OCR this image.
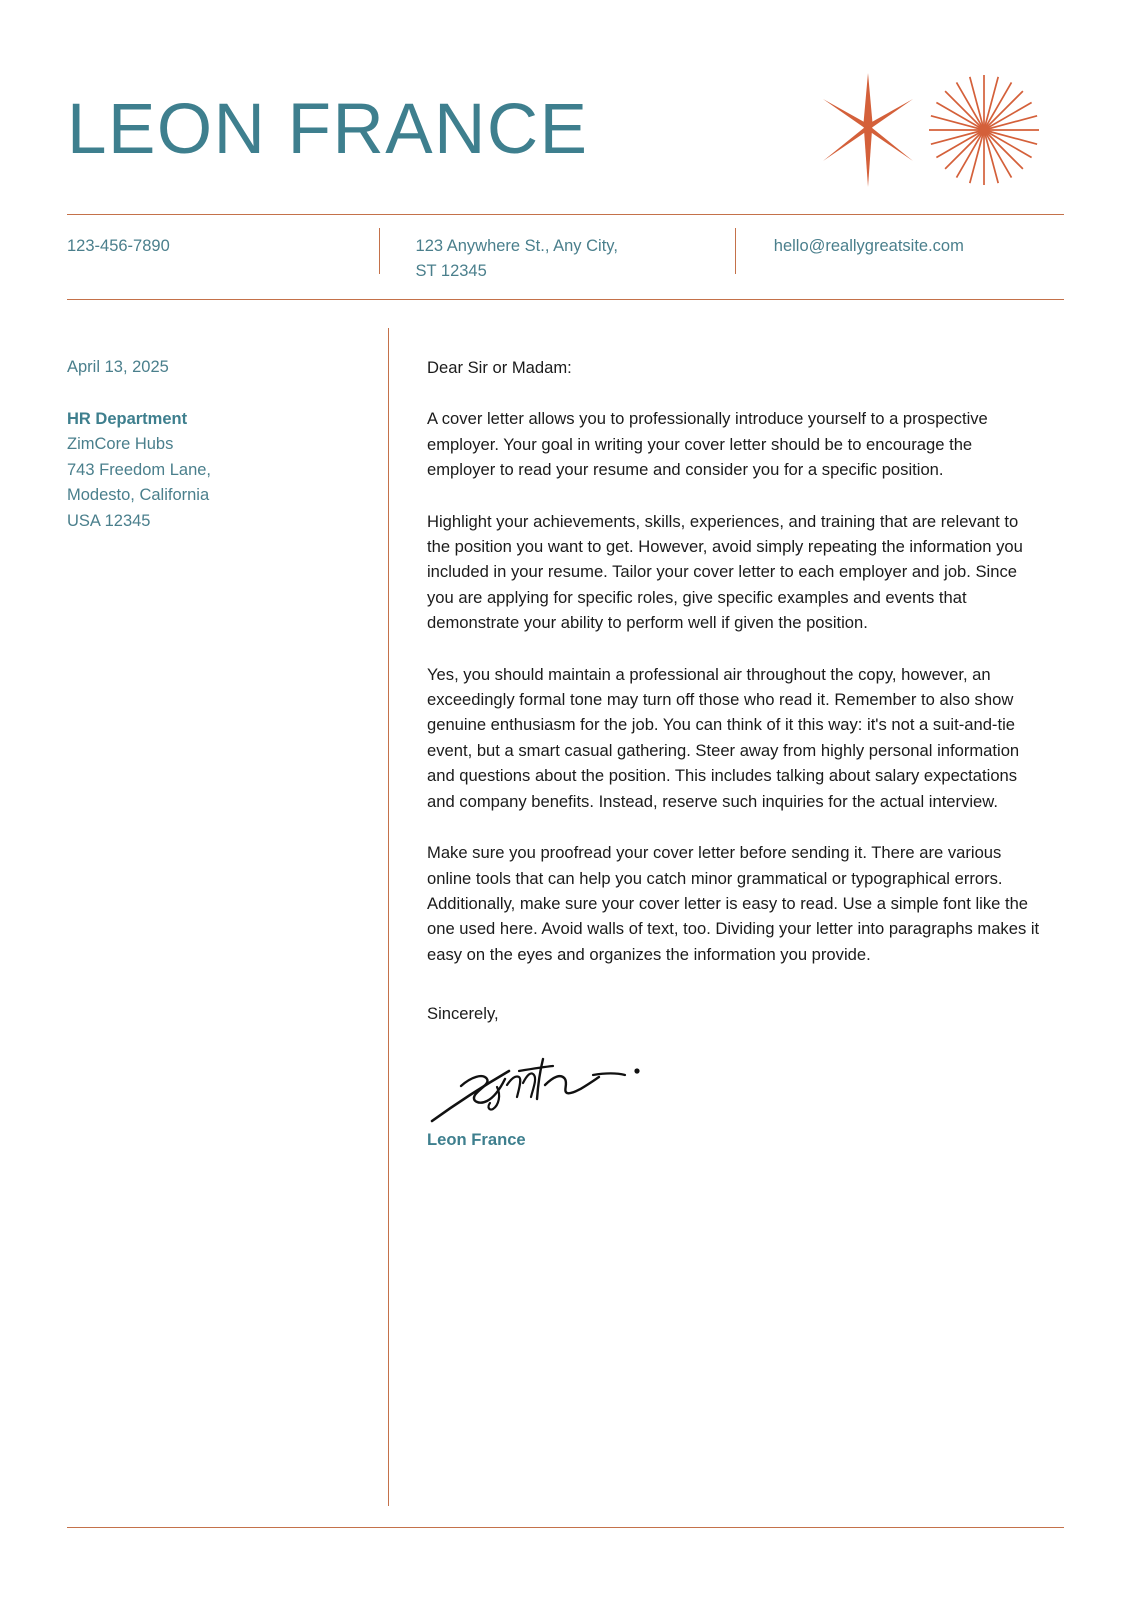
LEON FRANCE
123-456-7890	123 Anywhere St., Any City,
ST 12345
hello@reallygreatsite.com
April 13, 2025
HR Department
ZimCore Hubs
743 Freedom Lane,
Modesto, California
USA 12345
Dear Sir or Madam:

A cover letter allows you to professionally introduce yourself to a prospective employer. Your goal in writing your cover letter should be to encourage the employer to read your resume and consider you for a specific position.

Highlight your achievements, skills, experiences, and training that are relevant to the position you want to get. However, avoid simply repeating the information you included in your resume. Tailor your cover letter to each employer and job. Since you are applying for specific roles, give specific examples and events that demonstrate your ability to perform well if given the position.

Yes, you should maintain a professional air throughout the copy, however, an exceedingly formal tone may turn off those who read it. Remember to also show genuine enthusiasm for the job. You can think of it this way: it's not a suit-and-tie event, but a smart casual gathering. Steer away from highly personal information and questions about the position. This includes talking about salary expectations and company benefits. Instead, reserve such inquiries for the actual interview.

Make sure you proofread your cover letter before sending it. There are various online tools that can help you catch minor grammatical or typographical errors. Additionally, make sure your cover letter is easy to read. Use a simple font like the one used here. Avoid walls of text, too. Dividing your letter into paragraphs makes it easy on the eyes and organizes the information you provide.

Sincerely,
Leon France
